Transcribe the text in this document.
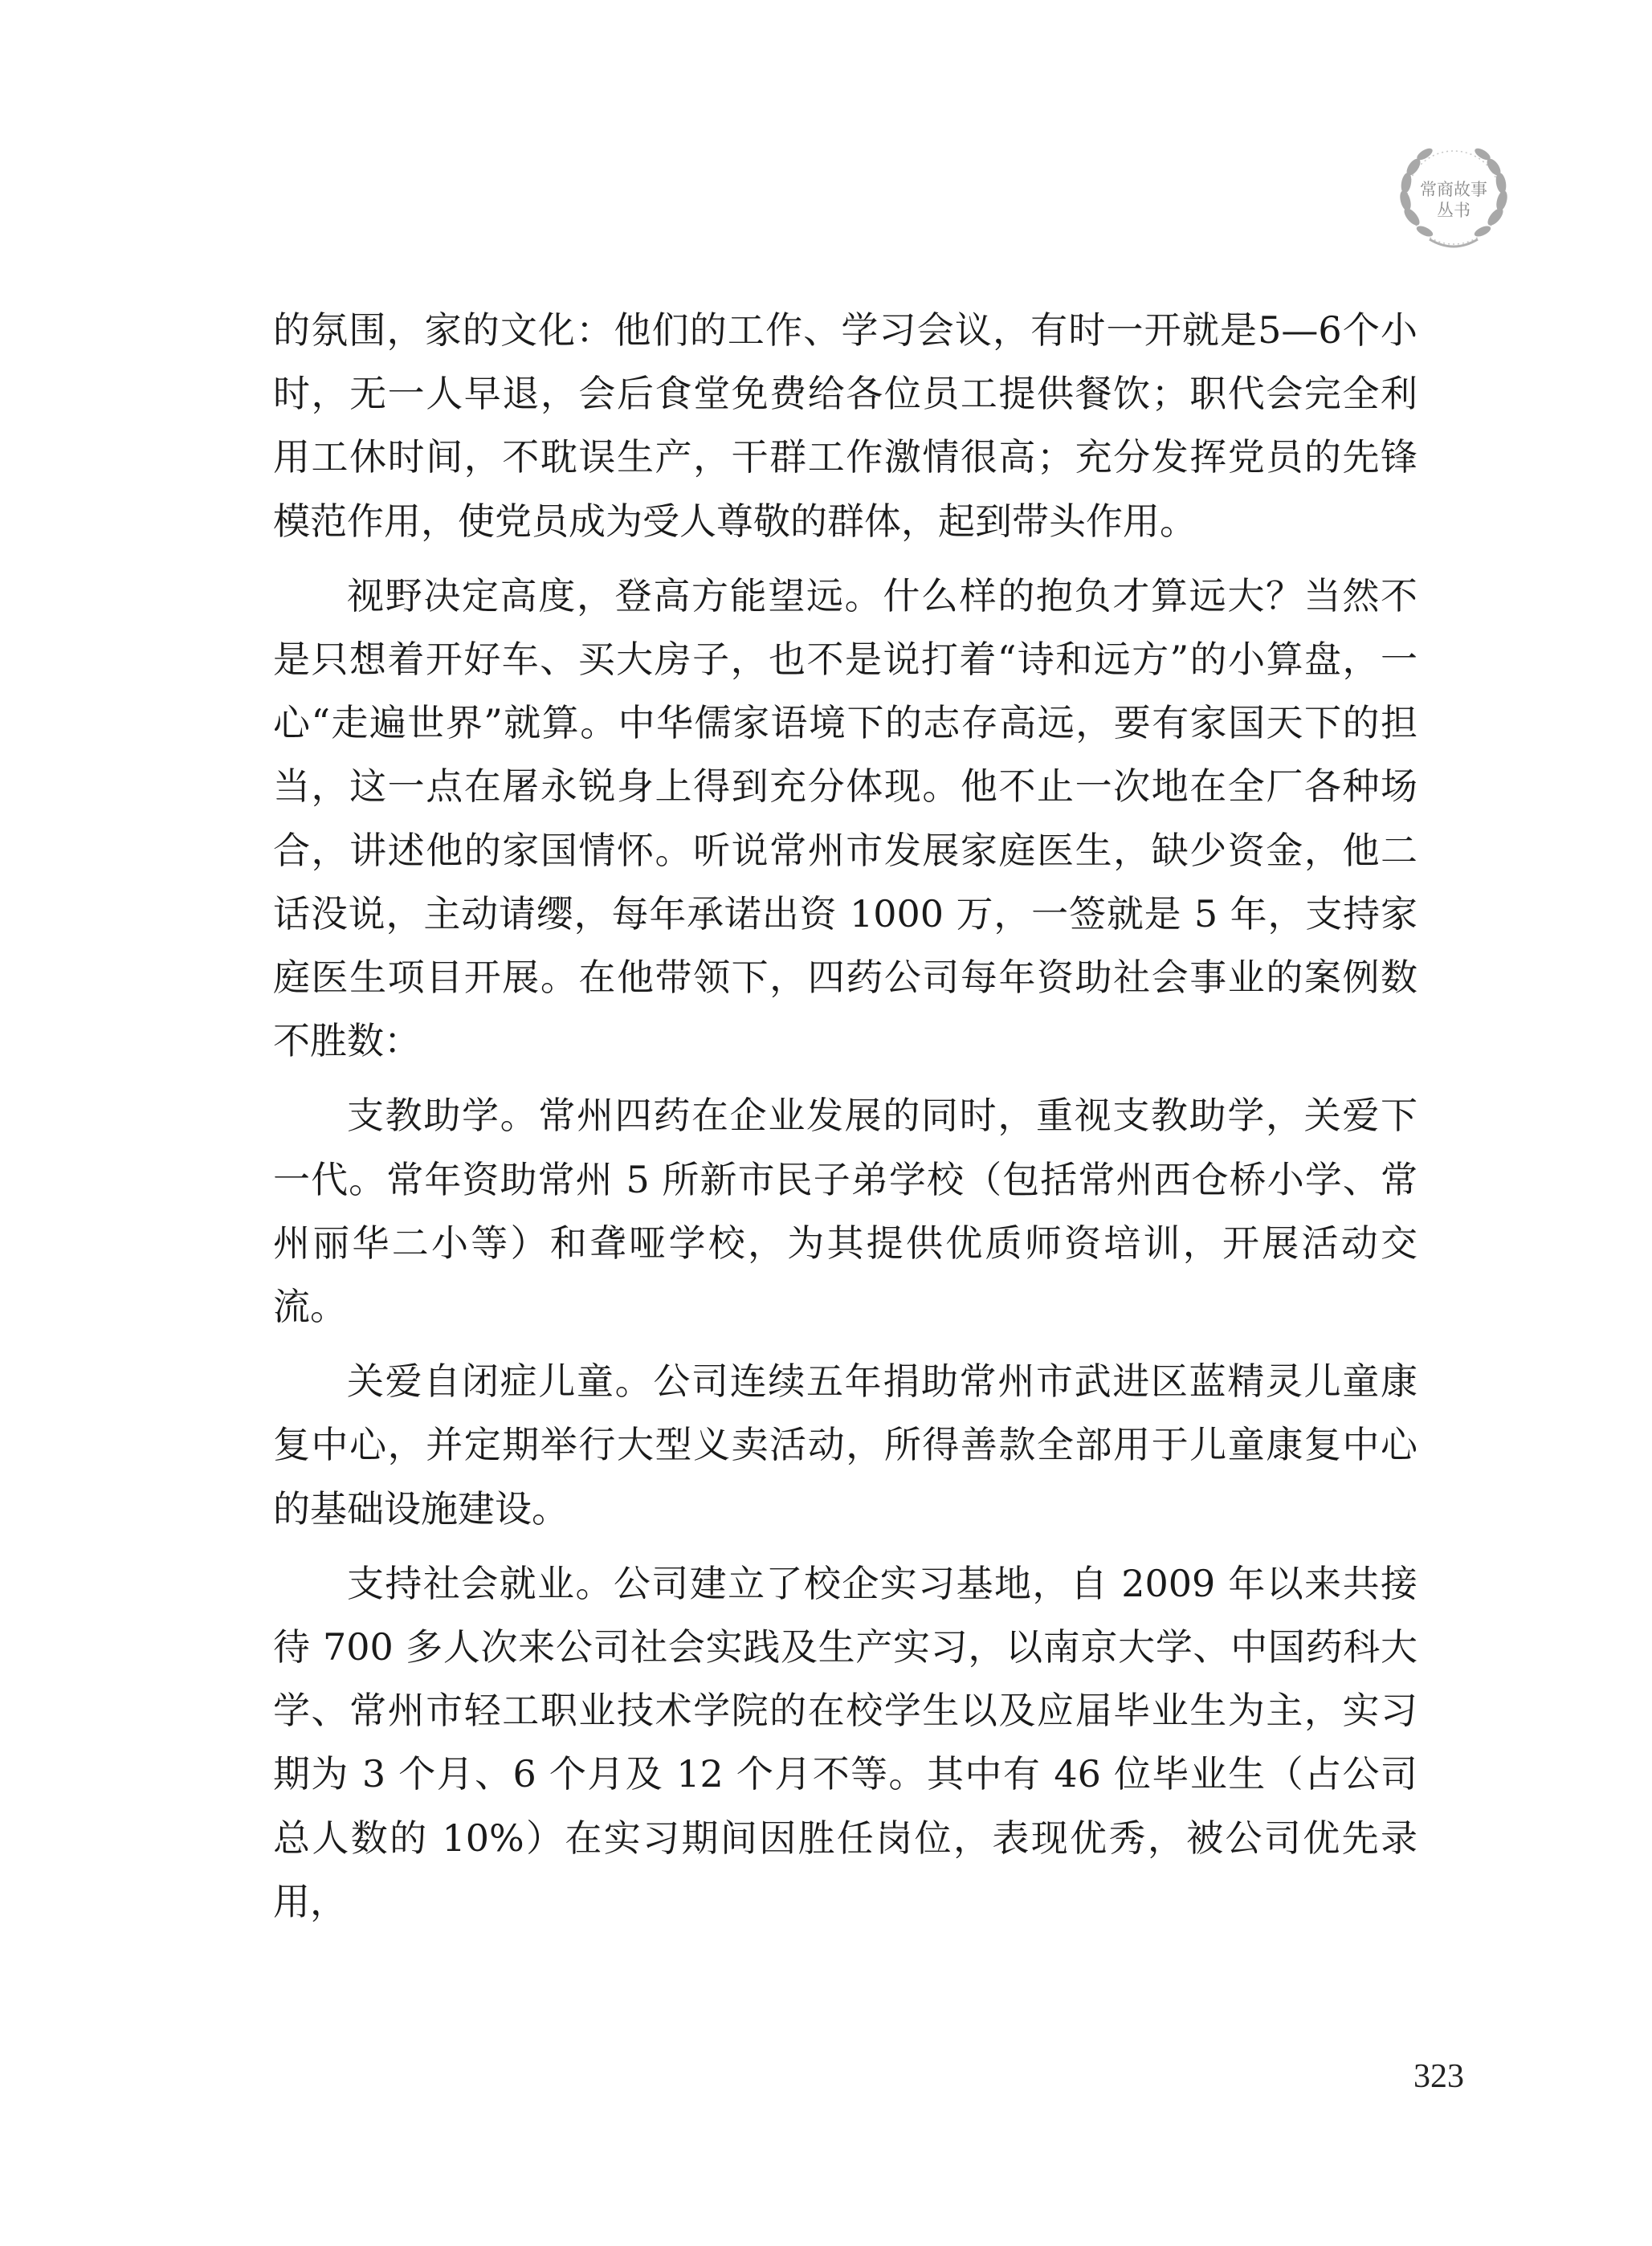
常商故事
丛书

的氛围，家的文化：他们的工作、学习会议，有时一开就是5—6个小时，无一人早退，会后食堂免费给各位员工提供餐饮；职代会完全利用工休时间，不耽误生产，干群工作激情很高；充分发挥党员的先锋模范作用，使党员成为受人尊敬的群体，起到带头作用。

视野决定高度，登高方能望远。什么样的抱负才算远大？当然不是只想着开好车、买大房子，也不是说打着“诗和远方”的小算盘，一心“走遍世界”就算。中华儒家语境下的志存高远，要有家国天下的担当，这一点在屠永锐身上得到充分体现。他不止一次地在全厂各种场合，讲述他的家国情怀。听说常州市发展家庭医生，缺少资金，他二话没说，主动请缨，每年承诺出资 1000 万，一签就是 5 年，支持家庭医生项目开展。在他带领下，四药公司每年资助社会事业的案例数不胜数：

支教助学。常州四药在企业发展的同时，重视支教助学，关爱下一代。常年资助常州 5 所新市民子弟学校（包括常州西仓桥小学、常州丽华二小等）和聋哑学校，为其提供优质师资培训，开展活动交流。

关爱自闭症儿童。公司连续五年捐助常州市武进区蓝精灵儿童康复中心，并定期举行大型义卖活动，所得善款全部用于儿童康复中心的基础设施建设。

支持社会就业。公司建立了校企实习基地，自 2009 年以来共接待 700 多人次来公司社会实践及生产实习，以南京大学、中国药科大学、常州市轻工职业技术学院的在校学生以及应届毕业生为主，实习期为 3 个月、6 个月及 12 个月不等。其中有 46 位毕业生（占公司总人数的 10%）在实习期间因胜任岗位，表现优秀，被公司优先录用，

323
